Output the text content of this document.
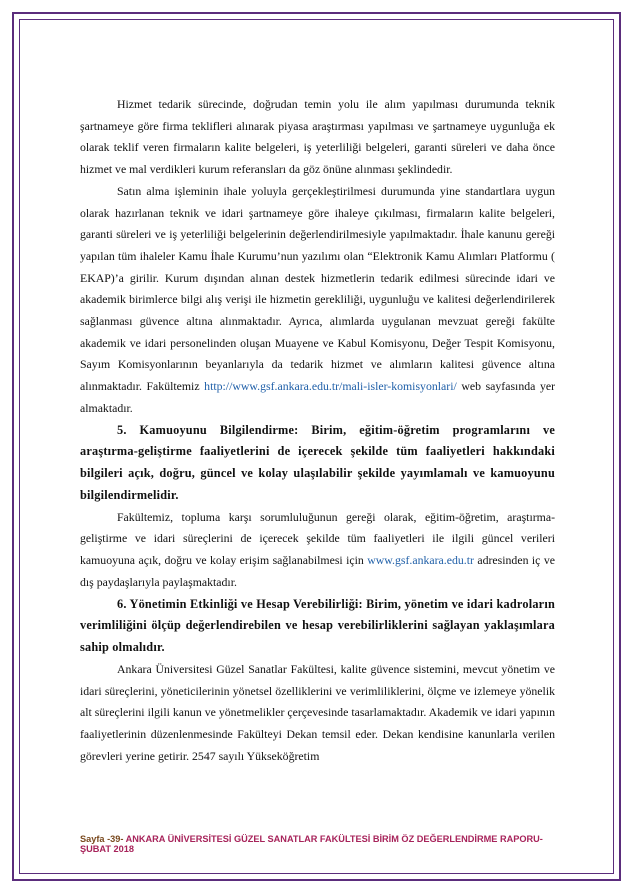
Hizmet tedarik sürecinde, doğrudan temin yolu ile alım yapılması durumunda teknik şartnameye göre firma teklifleri alınarak piyasa araştırması yapılması ve şartnameye uygunluğa ek olarak teklif veren firmaların kalite belgeleri, iş yeterliliği belgeleri, garanti süreleri ve daha önce hizmet ve mal verdikleri kurum referansları da göz önüne alınması şeklindedir.

Satın alma işleminin ihale yoluyla gerçekleştirilmesi durumunda yine standartlara uygun olarak hazırlanan teknik ve idari şartnameye göre ihaleye çıkılması, firmaların kalite belgeleri, garanti süreleri ve iş yeterliliği belgelerinin değerlendirilmesiyle yapılmaktadır. İhale kanunu gereği yapılan tüm ihaleler Kamu İhale Kurumu’nun yazılımı olan “Elektronik Kamu Alımları Platformu ( EKAP)’a girilir. Kurum dışından alınan destek hizmetlerin tedarik edilmesi sürecinde idari ve akademik birimlerce bilgi alış verişi ile hizmetin gerekliliği, uygunluğu ve kalitesi değerlendirilerek sağlanması güvence altına alınmaktadır. Ayrıca, alımlarda uygulanan mevzuat gereği fakülte akademik ve idari personelinden oluşan Muayene ve Kabul Komisyonu, Değer Tespit Komisyonu, Sayım Komisyonlarının beyanlarıyla da tedarik hizmet ve alımların kalitesi güvence altına alınmaktadır. Fakültemiz http://www.gsf.ankara.edu.tr/mali-isler-komisyonlari/ web sayfasında yer almaktadır.

5. Kamuoyunu Bilgilendirme: Birim, eğitim-öğretim programlarını ve araştırma-geliştirme faaliyetlerini de içerecek şekilde tüm faaliyetleri hakkındaki bilgileri açık, doğru, güncel ve kolay ulaşılabilir şekilde yayımlamalı ve kamuoyunu bilgilendirmelidir.

Fakültemiz, topluma karşı sorumluluğunun gereği olarak, eğitim-öğretim, araştırma-geliştirme ve idari süreçlerini de içerecek şekilde tüm faaliyetleri ile ilgili güncel verileri kamuoyuna açık, doğru ve kolay erişim sağlanabilmesi için www.gsf.ankara.edu.tr adresinden iç ve dış paydaşlarıyla paylaşmaktadır.

6. Yönetimin Etkinliği ve Hesap Verebilirliği: Birim, yönetim ve idari kadroların verimliliğini ölçüp değerlendirebilen ve hesap verebilirliklerini sağlayan yaklaşımlara sahip olmalıdır.

Ankara Üniversitesi Güzel Sanatlar Fakültesi, kalite güvence sistemini, mevcut yönetim ve idari süreçlerini, yöneticilerinin yönetsel özelliklerini ve verimliliklerini, ölçme ve izlemeye yönelik alt süreçlerini ilgili kanun ve yönetmelikler çerçevesinde tasarlamaktadır. Akademik ve idari yapının faaliyetlerinin düzenlenmesinde Fakülteyi Dekan temsil eder. Dekan kendisine kanunlarla verilen görevleri yerine getirir. 2547 sayılı Yükseköğretim

Sayfa -39- ANKARA ÜNİVERSİTESİ GÜZEL SANATLAR FAKÜLTESİ BİRİM ÖZ DEĞERLENDİRME RAPORU-ŞUBAT 2018
